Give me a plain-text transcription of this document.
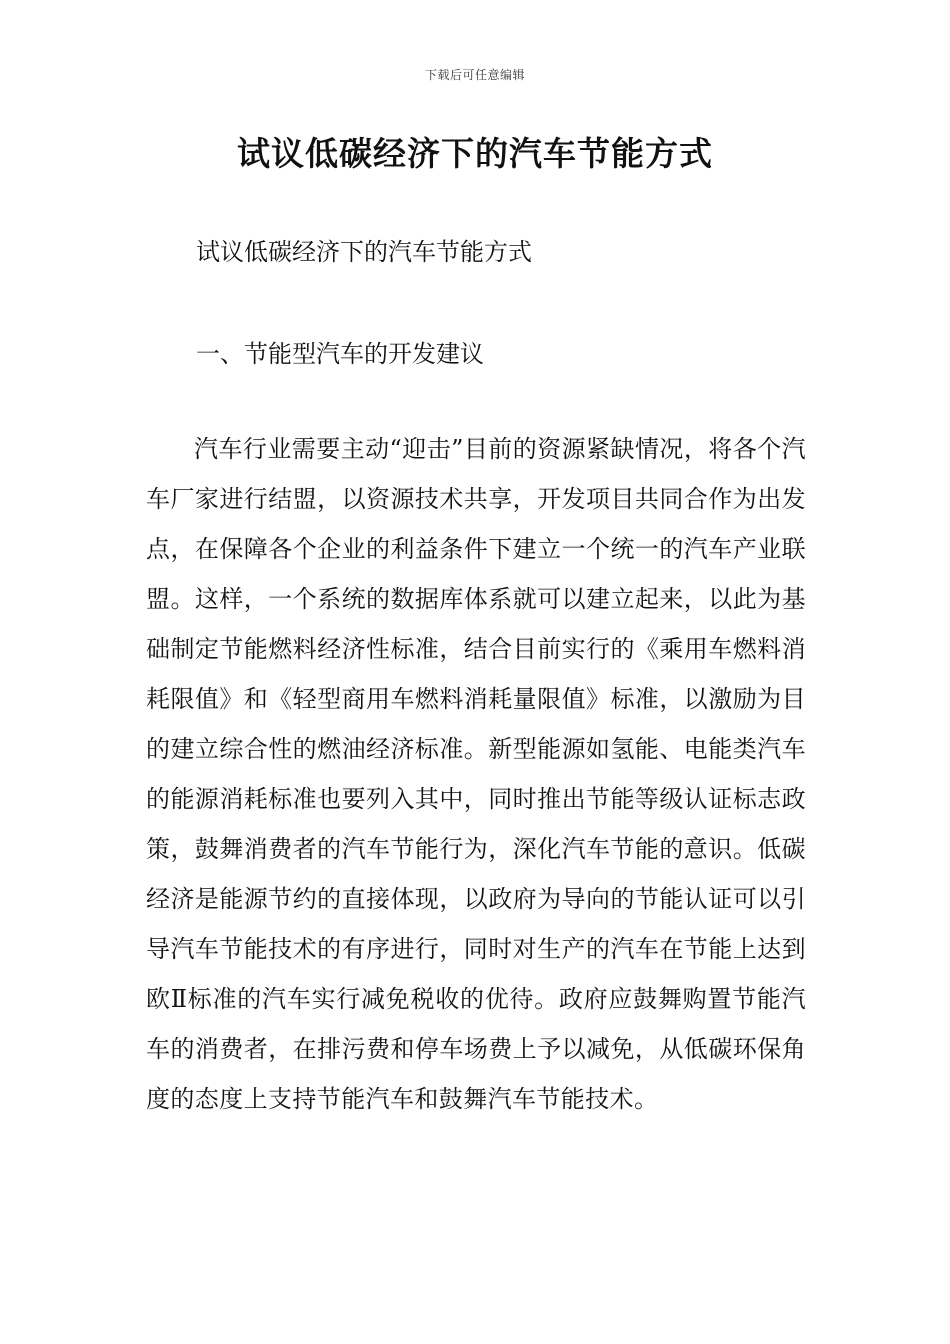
下载后可任意编辑
试议低碳经济下的汽车节能方式

试议低碳经济下的汽车节能方式

一、节能型汽车的开发建议

汽车行业需要主动“迎击”目前的资源紧缺情况，将各个汽车厂家进行结盟，以资源技术共享，开发项目共同合作为出发点，在保障各个企业的利益条件下建立一个统一的汽车产业联盟。这样，一个系统的数据库体系就可以建立起来，以此为基础制定节能燃料经济性标准，结合目前实行的《乘用车燃料消耗限值》和《轻型商用车燃料消耗量限值》标准，以激励为目的建立综合性的燃油经济标准。新型能源如氢能、电能类汽车的能源消耗标准也要列入其中，同时推出节能等级认证标志政策，鼓舞消费者的汽车节能行为，深化汽车节能的意识。低碳经济是能源节约的直接体现，以政府为导向的节能认证可以引导汽车节能技术的有序进行，同时对生产的汽车在节能上达到欧Ⅱ标准的汽车实行减免税收的优待。政府应鼓舞购置节能汽车的消费者，在排污费和停车场费上予以减免，从低碳环保角度的态度上支持节能汽车和鼓舞汽车节能技术。
